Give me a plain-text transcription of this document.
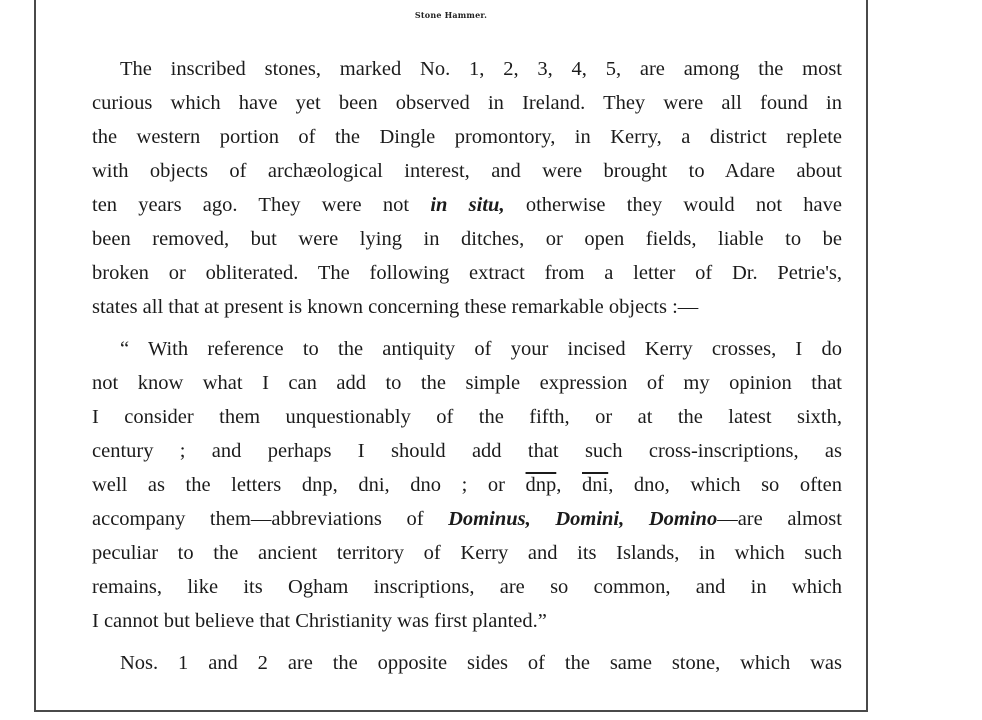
Stone Hammer.
The inscribed stones, marked No. 1, 2, 3, 4, 5, are among the most
curious which have yet been observed in Ireland. They were all found in
the western portion of the Dingle promontory, in Kerry, a district replete
with objects of archæological interest, and were brought to Adare about
ten years ago. They were not in situ, otherwise they would not have
been removed, but were lying in ditches, or open fields, liable to be
broken or obliterated. The following extract from a letter of Dr. Petrie's,
states all that at present is known concerning these remarkable objects :—
“ With reference to the antiquity of your incised Kerry crosses, I do
not know what I can add to the simple expression of my opinion that
I consider them unquestionably of the fifth, or at the latest sixth,
century ; and perhaps I should add that such cross-inscriptions, as
well as the letters dnp, dni, dno ; or $\overline{dnp}$, $\overline{dni}$, dno, which so often
accompany them—abbreviations of Dominus, Domini, Domino—are almost
peculiar to the ancient territory of Kerry and its Islands, in which such
remains, like its Ogham inscriptions, are so common, and in which
I cannot but believe that Christianity was first planted.”
Nos. 1 and 2 are the opposite sides of the same stone, which was
